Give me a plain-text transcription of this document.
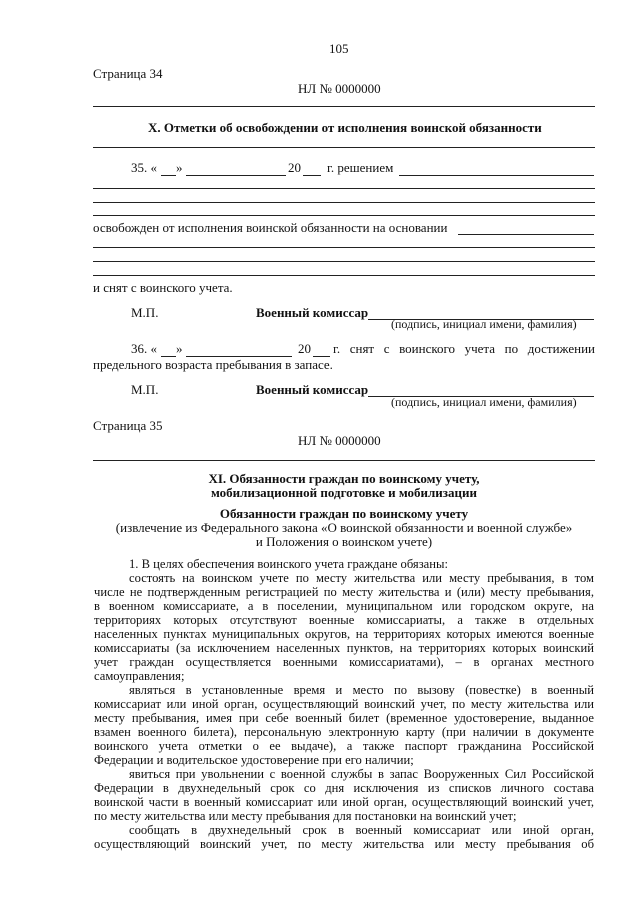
105
Страница 34
НЛ № 0000000
X. Отметки об освобождении от исполнения воинской обязанности
35. « »	20 г. решением
освобожден от исполнения воинской обязанности на основании
и снят с воинского учета.
М.П.	Военный комиссар
(подпись, инициал имени, фамилия)
36. « »	20 г. снят с воинского учета по достижении
предельного возраста пребывания в запасе.
М.П.	Военный комиссар
(подпись, инициал имени, фамилия)
Страница 35
НЛ № 0000000
XI. Обязанности граждан по воинскому учету,
мобилизационной подготовке и мобилизации
Обязанности граждан по воинскому учету
(извлечение из Федерального закона «О воинской обязанности и военной службе»
и Положения о воинском учете)
1. В целях обеспечения воинского учета граждане обязаны:
состоять на воинском учете по месту жительства или месту пребывания, в том
числе не подтвержденным регистрацией по месту жительства и (или) месту пребывания,
в военном комиссариате, а в поселении, муниципальном или городском округе, на
территориях которых отсутствуют военные комиссариаты, а также в отдельных
населенных пунктах муниципальных округов, на территориях которых имеются военные
комиссариаты (за исключением населенных пунктов, на территориях которых воинский
учет граждан осуществляется военными комиссариатами), – в органах местного
самоуправления;
являться в установленные время и место по вызову (повестке) в военный
комиссариат или иной орган, осуществляющий воинский учет, по месту жительства или
месту пребывания, имея при себе военный билет (временное удостоверение, выданное
взамен военного билета), персональную электронную карту (при наличии в документе
воинского учета отметки о ее выдаче), а также паспорт гражданина Российской
Федерации и водительское удостоверение при его наличии;
явиться при увольнении с военной службы в запас Вооруженных Сил Российской
Федерации в двухнедельный срок со дня исключения из списков личного состава
воинской части в военный комиссариат или иной орган, осуществляющий воинский учет,
по месту жительства или месту пребывания для постановки на воинский учет;
сообщать в двухнедельный срок в военный комиссариат или иной орган,
осуществляющий воинский учет, по месту жительства или месту пребывания об
